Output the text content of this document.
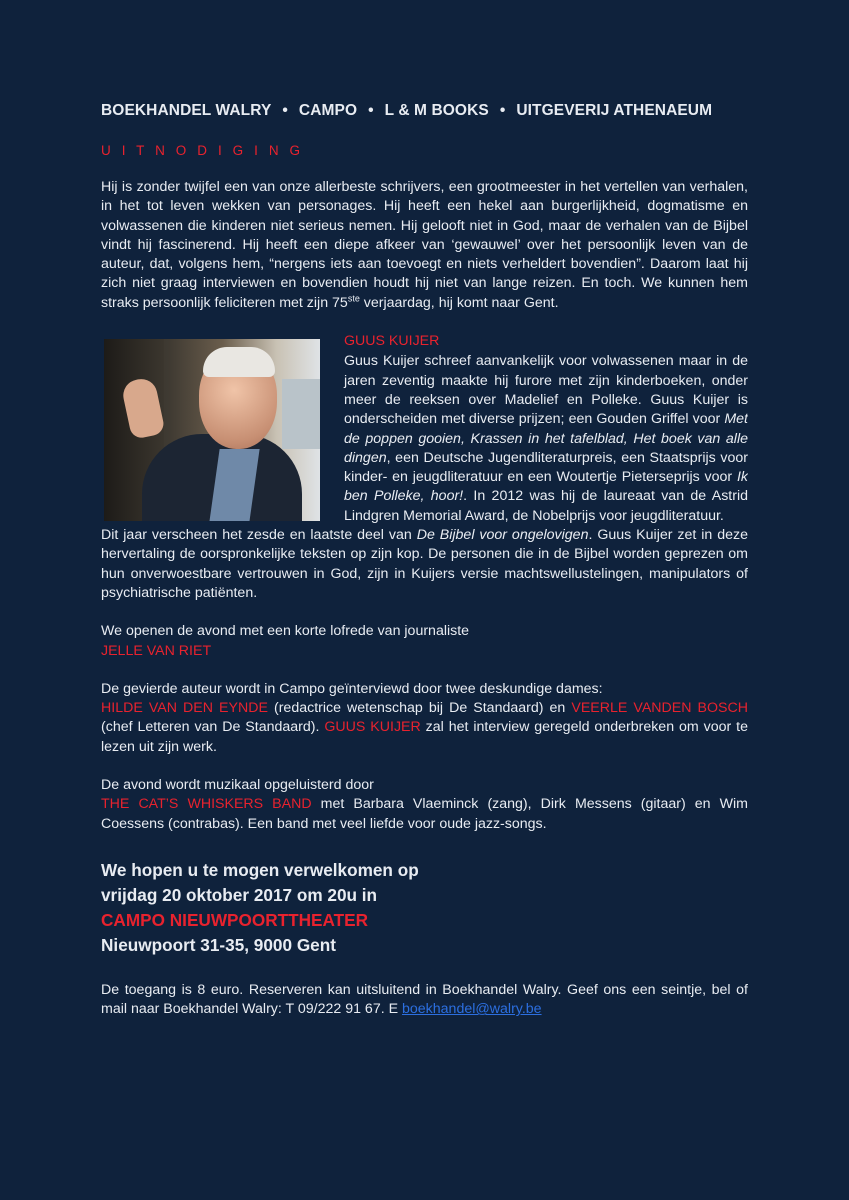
BOEKHANDEL WALRY • CAMPO • L & M BOOKS • UITGEVERIJ ATHENAEUM

U I T N O D I G I N G

Hij is zonder twijfel een van onze allerbeste schrijvers, een grootmeester in het vertellen van verhalen, in het tot leven wekken van personages. Hij heeft een hekel aan burgerlijkheid, dogmatisme en volwassenen die kinderen niet serieus nemen. Hij gelooft niet in God, maar de verhalen van de Bijbel vindt hij fascinerend. Hij heeft een diepe afkeer van ‘gewauwel’ over het persoonlijk leven van de auteur, dat, volgens hem, “nergens iets aan toevoegt en niets verheldert bovendien”. Daarom laat hij zich niet graag interviewen en bovendien houdt hij niet van lange reizen. En toch. We kunnen hem straks persoonlijk feliciteren met zijn 75ste verjaardag, hij komt naar Gent.

GUUS KUIJER
Guus Kuijer schreef aanvankelijk voor volwassenen maar in de jaren zeventig maakte hij furore met zijn kinderboeken, onder meer de reeksen over Madelief en Polleke. Guus Kuijer is onderscheiden met diverse prijzen; een Gouden Griffel voor Met de poppen gooien, Krassen in het tafelblad, Het boek van alle dingen, een Deutsche Jugendliteraturpreis, een Staatsprijs voor kinder- en jeugdliteratuur en een Woutertje Pieterseprijs voor Ik ben Polleke, hoor!. In 2012 was hij de laureaat van de Astrid Lindgren Memorial Award, de Nobelprijs voor jeugdliteratuur.

Dit jaar verscheen het zesde en laatste deel van De Bijbel voor ongelovigen. Guus Kuijer zet in deze hervertaling de oorspronkelijke teksten op zijn kop. De personen die in de Bijbel worden geprezen om hun onverwoestbare vertrouwen in God, zijn in Kuijers versie machtswellustelingen, manipulators of psychiatrische patiënten.

We openen de avond met een korte lofrede van journaliste
JELLE VAN RIET

De gevierde auteur wordt in Campo geïnterviewd door twee deskundige dames:
HILDE VAN DEN EYNDE (redactrice wetenschap bij De Standaard) en VEERLE VANDEN BOSCH (chef Letteren van De Standaard). GUUS KUIJER zal het interview geregeld onderbreken om voor te lezen uit zijn werk.

De avond wordt muzikaal opgeluisterd door
THE CAT’S WHISKERS BAND met Barbara Vlaeminck (zang), Dirk Messens (gitaar) en Wim Coessens (contrabas). Een band met veel liefde voor oude jazz-songs.

We hopen u te mogen verwelkomen op
vrijdag 20 oktober 2017 om 20u in
CAMPO NIEUWPOORTTHEATER
Nieuwpoort 31-35, 9000 Gent

De toegang is 8 euro. Reserveren kan uitsluitend in Boekhandel Walry. Geef ons een seintje, bel of mail naar Boekhandel Walry: T 09/222 91 67. E boekhandel@walry.be
